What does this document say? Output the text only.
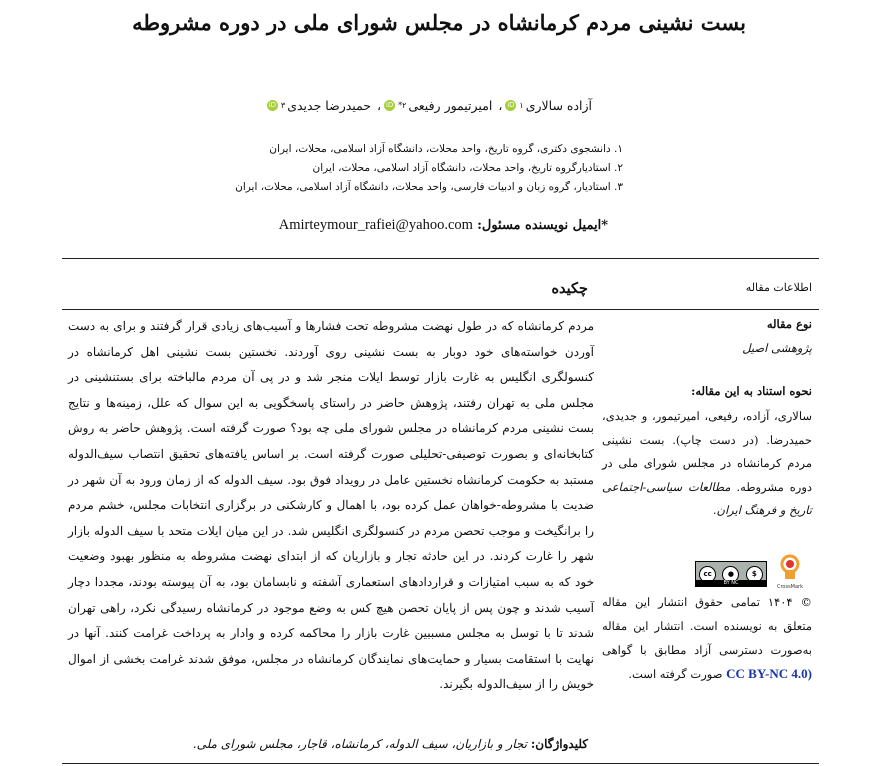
بست نشینی مردم کرمانشاه در مجلس شورای ملی در دوره مشروطه
آزاده سالاری
۱
iD
،
امیرتیمور رفیعی
۲*
iD
،
حمیدرضا جدیدی
۳
iD
۱. دانشجوی دکتری، گروه تاریخ، واحد محلات، دانشگاه آزاد اسلامی، محلات، ایران
۲. استادیارگروه تاریخ، واحد محلات، دانشگاه آزاد اسلامی، محلات، ایران
۳. استادیار، گروه زبان و ادبیات فارسی، واحد محلات، دانشگاه آزاد اسلامی، محلات، ایران
*ایمیل نویسنده مسئول: Amirteymour_rafiei@yahoo.com
اطلاعات مقاله
چکیده
مردم کرمانشاه که در طول نهضت مشروطه تحت فشارها و آسیب‌های زیادی قرار گرفتند و برای به دست آوردن خواسته‌های خود دوبار به بست نشینی روی آوردند. نخستین بست نشینی اهل کرمانشاه در کنسولگری انگلیس به غارت بازار توسط ایلات منجر شد و در پی آن مردم مالباخته برای بستنشینی در مجلس ملی به تهران رفتند، پژوهش حاضر در راستای پاسخگویی به این سوال که علل، زمینه‌ها و نتایج بست نشینی مردم کرمانشاه در مجلس شورای ملی چه بود؟ صورت گرفته است. پژوهش حاضر به روش کتابخانه‌ای و بصورت توصیفی-تحلیلی صورت گرفته است. بر اساس یافته‌های تحقیق انتصاب سیف‌الدوله مستبد به حکومت کرمانشاه نخستین عامل در رویداد فوق بود. سیف الدوله که از زمان ورود به آن شهر در ضدیت با مشروطه-خواهان عمل کرده بود، با اهمال و کارشکنی در برگزاری انتخابات مجلس، خشم مردم را برانگیخت و موجب تحصن مردم در کنسولگری انگلیس شد. در این میان ایلات متحد با سیف الدوله بازار شهر را غارت کردند. در این حادثه تجار و بازاریان که از ابتدای نهضت مشروطه به منظور بهبود وضعیت خود که به سبب امتیازات و قراردادهای استعماری آشفته و نابسامان بود، به آن پیوسته بودند، مجددا دچار آسیب شدند و چون پس از پایان تحصن هیچ کس به وضع موجود در کرمانشاه رسیدگی نکرد، راهی تهران شدند تا با توسل به مجلس مسببین غارت بازار را محاکمه کرده و وادار به پرداخت غرامت کنند. آنها در نهایت با استقامت بسیار و حمایت‌های نمایندگان کرمانشاه در مجلس، موفق شدند غرامت بخشی از اموال خویش را از سیف‌الدوله بگیرند.
کلیدواژگان: تجار و بازاریان، سیف الدوله، کرمانشاه، قاجار، مجلس شورای ملی.
نوع مقاله
پژوهشی اصیل
نحوه استناد به این مقاله:
سالاری، آزاده، رفیعی، امیرتیمور، و جدیدی، حمیدرضا. (در دست چاپ). بست نشینی مردم کرمانشاه در مجلس شورای ملی در دوره مشروطه. مطالعات سیاسی-اجتماعی تاریخ و فرهنگ ایران.
cc	●	$
BY NC
CrossMark
© ۱۴۰۴ تمامی حقوق انتشار این مقاله متعلق به نویسنده است. انتشار این مقاله به‌صورت دسترسی آزاد مطابق با گواهی (CC BY-NC 4.0 صورت گرفته است.
